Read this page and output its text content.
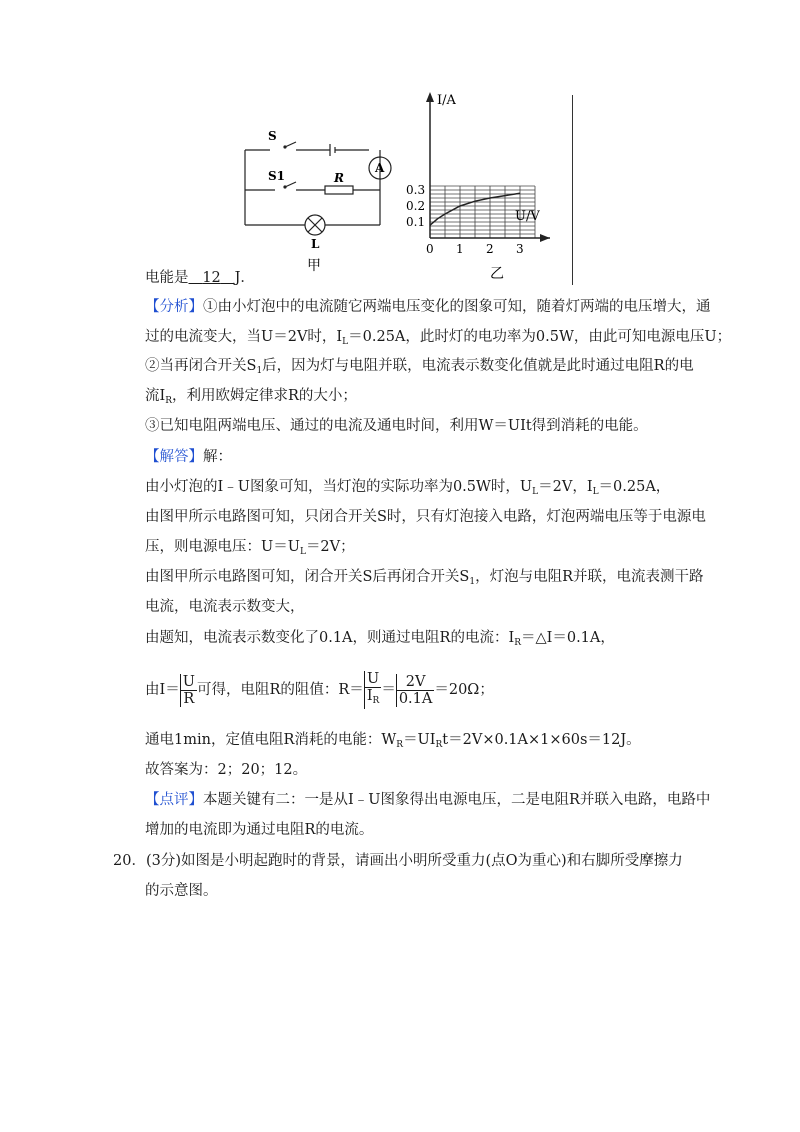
S
S1	R
A
L
甲
I/A
U/V
0.3
0.2
0.1
0 1 2 3
乙
电能是 12 J．
【分析】①由小灯泡中的电流随它两端电压变化的图象可知，随着灯两端的电压增大，通
过的电流变大，当U＝2V时，$I_L=0.25A$，此时灯的电功率为0.5W，由此可知电源电压U；
②当再闭合开关$S_1$后，因为灯与电阻并联，电流表示数变化值就是此时通过电阻R的电
流$I_R$，利用欧姆定律求R的大小；
③已知电阻两端电压、通过的电流及通电时间，利用W＝UIt得到消耗的电能。
【解答】解：
由小灯泡的I﹣U图象可知，当灯泡的实际功率为0.5W时，$U_L=2V$，$I_L=0.25A$，
由图甲所示电路图可知，只闭合开关S时，只有灯泡接入电路，灯泡两端电压等于电源电
压，则电源电压：$U=U_L=2V$；
由图甲所示电路图可知，闭合开关S后再闭合开关$S_1$，灯泡与电阻R并联，电流表测干路
电流，电流表示数变大，
由题知，电流表示数变化了0.1A，则通过电阻R的电流：$I_R=\triangle I=0.1A$，
由$I= \frac{U}{R}$ 可得，电阻R的阻值：$R= \frac{U}{I_R} = \frac{2V}{0.1A} =20\Omega$；
通电1min，定值电阻R消耗的电能：$W_R=UI_Rt=2V\times 0.1A\times 1\times 60s=12J$。
故答案为：2；20；12。
【点评】本题关键有二：一是从I﹣U图象得出电源电压，二是电阻R并联入电路，电路中
增加的电流即为通过电阻R的电流。
20．(3分)如图是小明起跑时的背景，请画出小明所受重力(点O为重心)和右脚所受摩擦力
的示意图。
